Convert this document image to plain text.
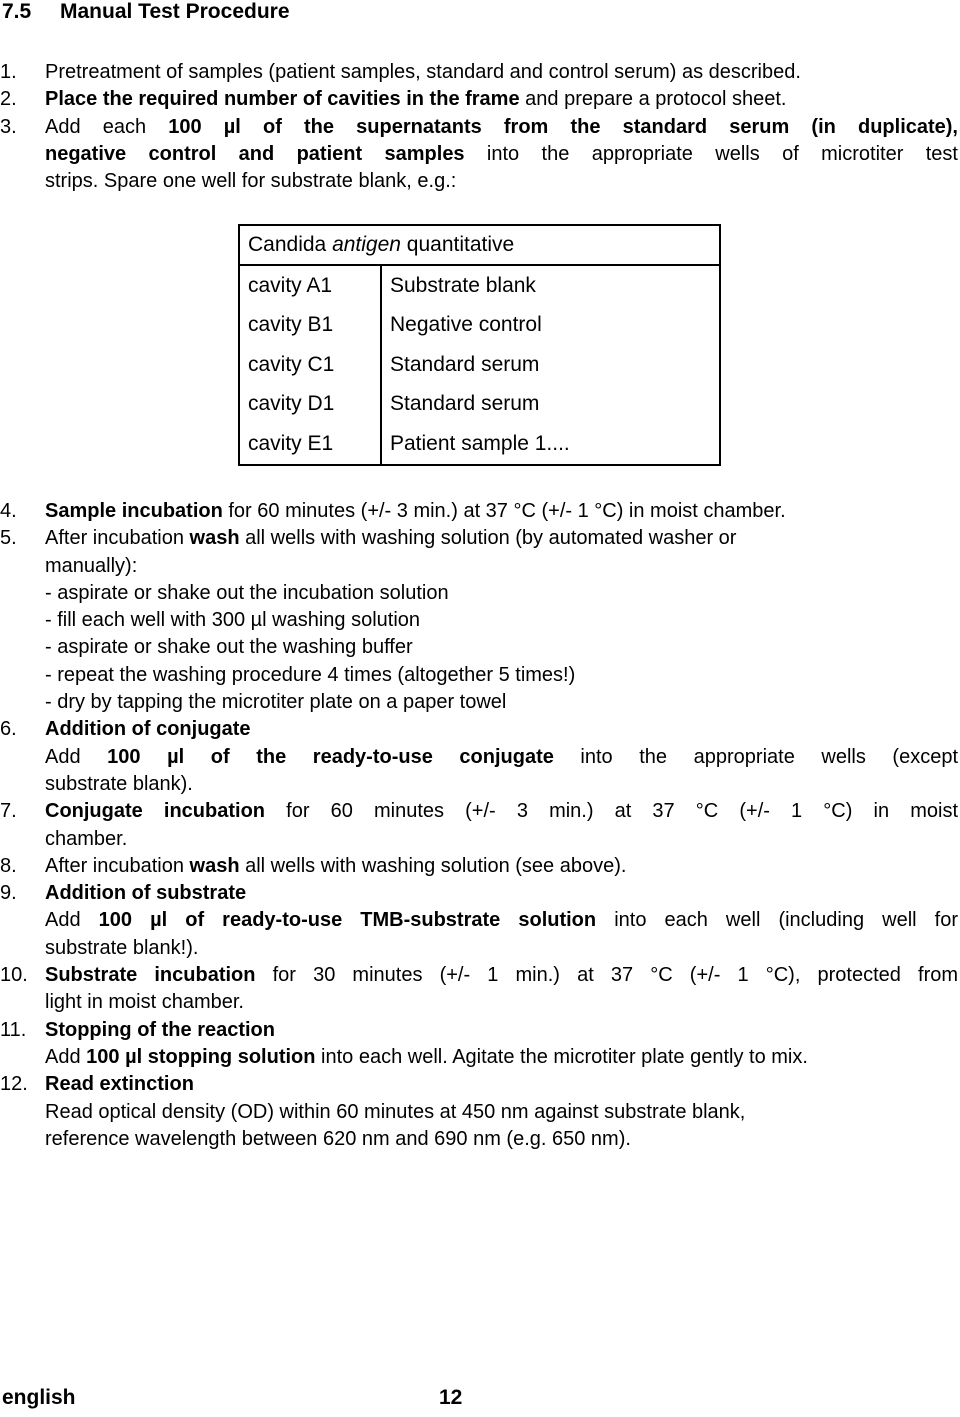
7.5 Manual Test Procedure
1. Pretreatment of samples (patient samples, standard and control serum) as described.
2. Place the required number of cavities in the frame and prepare a protocol sheet.
3. Add each 100 µl of the supernatants from the standard serum (in duplicate),
negative control and patient samples into the appropriate wells of microtiter test
strips. Spare one well for substrate blank, e.g.:
Candida antigen quantitative	
cavity A1	Substrate blank
cavity B1	Negative control
cavity C1	Standard serum
cavity D1	Standard serum
cavity E1	Patient sample 1....
4. Sample incubation for 60 minutes (+/- 3 min.) at 37 °C (+/- 1 °C) in moist chamber.
5. After incubation wash all wells with washing solution (by automated washer or
manually):
- aspirate or shake out the incubation solution
- fill each well with 300 µl washing solution
- aspirate or shake out the washing buffer
- repeat the washing procedure 4 times (altogether 5 times!)
- dry by tapping the microtiter plate on a paper towel
6. Addition of conjugate
Add 100 µl of the ready-to-use conjugate into the appropriate wells (except
substrate blank).
7. Conjugate incubation for 60 minutes (+/- 3 min.) at 37 °C (+/- 1 °C) in moist
chamber.
8. After incubation wash all wells with washing solution (see above).
9. Addition of substrate
Add 100 µl of ready-to-use TMB-substrate solution into each well (including well for
substrate blank!).
10. Substrate incubation for 30 minutes (+/- 1 min.) at 37 °C (+/- 1 °C), protected from
light in moist chamber.
11. Stopping of the reaction
Add 100 µl stopping solution into each well. Agitate the microtiter plate gently to mix.
12. Read extinction
Read optical density (OD) within 60 minutes at 450 nm against substrate blank,
reference wavelength between 620 nm and 690 nm (e.g. 650 nm).
english	12
